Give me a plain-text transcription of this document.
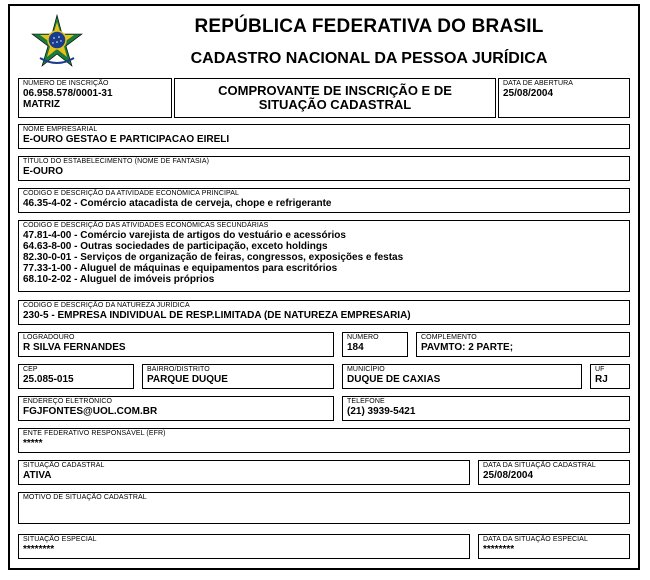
REPÚBLICA FEDERATIVA DO BRASIL
CADASTRO NACIONAL DA PESSOA JURÍDICA
NÚMERO DE INSCRIÇÃO
06.958.578/0001-31
MATRIZ
COMPROVANTE DE INSCRIÇÃO E DE
SITUAÇÃO CADASTRAL
DATA DE ABERTURA
25/08/2004
NOME EMPRESARIAL
E-OURO GESTAO E PARTICIPACAO EIRELI
TÍTULO DO ESTABELECIMENTO (NOME DE FANTASIA)
E-OURO
CÓDIGO E DESCRIÇÃO DA ATIVIDADE ECONÔMICA PRINCIPAL
46.35-4-02 - Comércio atacadista de cerveja, chope e refrigerante
CÓDIGO E DESCRIÇÃO DAS ATIVIDADES ECONÔMICAS SECUNDÁRIAS
47.81-4-00 - Comércio varejista de artigos do vestuário e acessórios
64.63-8-00 - Outras sociedades de participação, exceto holdings
82.30-0-01 - Serviços de organização de feiras, congressos, exposições e festas
77.33-1-00 - Aluguel de máquinas e equipamentos para escritórios
68.10-2-02 - Aluguel de imóveis próprios
CÓDIGO E DESCRIÇÃO DA NATUREZA JURÍDICA
230-5 - EMPRESA INDIVIDUAL DE RESP.LIMITADA (DE NATUREZA EMPRESARIA)
LOGRADOURO
R SILVA FERNANDES
NÚMERO
184
COMPLEMENTO
PAVMTO: 2 PARTE;
CEP
25.085-015
BAIRRO/DISTRITO
PARQUE DUQUE
MUNICÍPIO
DUQUE DE CAXIAS
UF
RJ
ENDEREÇO ELETRÔNICO
FGJFONTES@UOL.COM.BR
TELEFONE
(21) 3939-5421
ENTE FEDERATIVO RESPONSÁVEL (EFR)
*****
SITUAÇÃO CADASTRAL
ATIVA
DATA DA SITUAÇÃO CADASTRAL
25/08/2004
MOTIVO DE SITUAÇÃO CADASTRAL
SITUAÇÃO ESPECIAL
********
DATA DA SITUAÇÃO ESPECIAL
********
